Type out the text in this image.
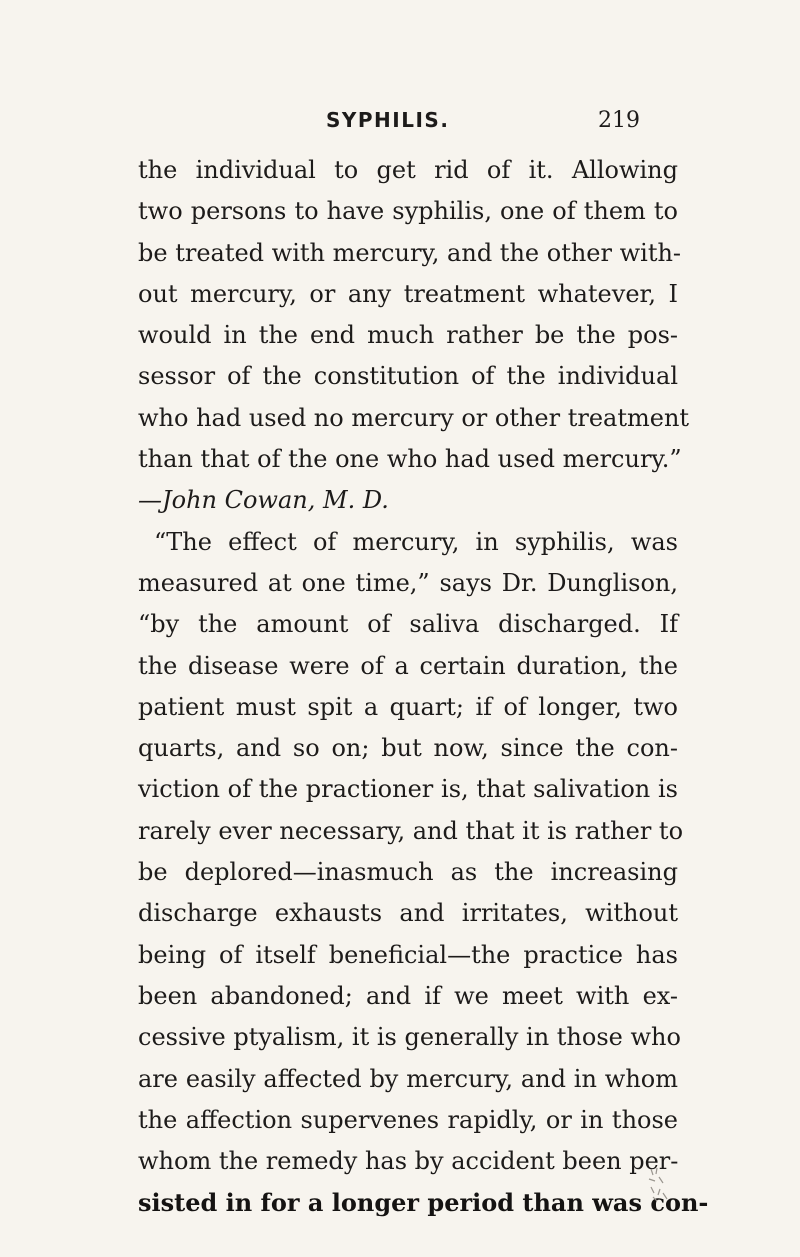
SYPHILIS.	219
the individual to get rid of it. Allowing
two persons to have syphilis, one of them to
be treated with mercury, and the other with-
out mercury, or any treatment whatever, I
would in the end much rather be the pos-
sessor of the constitution of the individual
who had used no mercury or other treatment
than that of the one who had used mercury.”
—John Cowan, M. D.
“The effect of mercury, in syphilis, was
measured at one time,” says Dr. Dunglison,
“by the amount of saliva discharged. If
the disease were of a certain duration, the
patient must spit a quart; if of longer, two
quarts, and so on; but now, since the con-
viction of the practioner is, that salivation is
rarely ever necessary, and that it is rather to
be deplored—inasmuch as the increasing
discharge exhausts and irritates, without
being of itself beneficial—the practice has
been abandoned; and if we meet with ex-
cessive ptyalism, it is generally in those who
are easily affected by mercury, and in whom
the affection supervenes rapidly, or in those
whom the remedy has by accident been per-
sisted in for a longer period than was con-
